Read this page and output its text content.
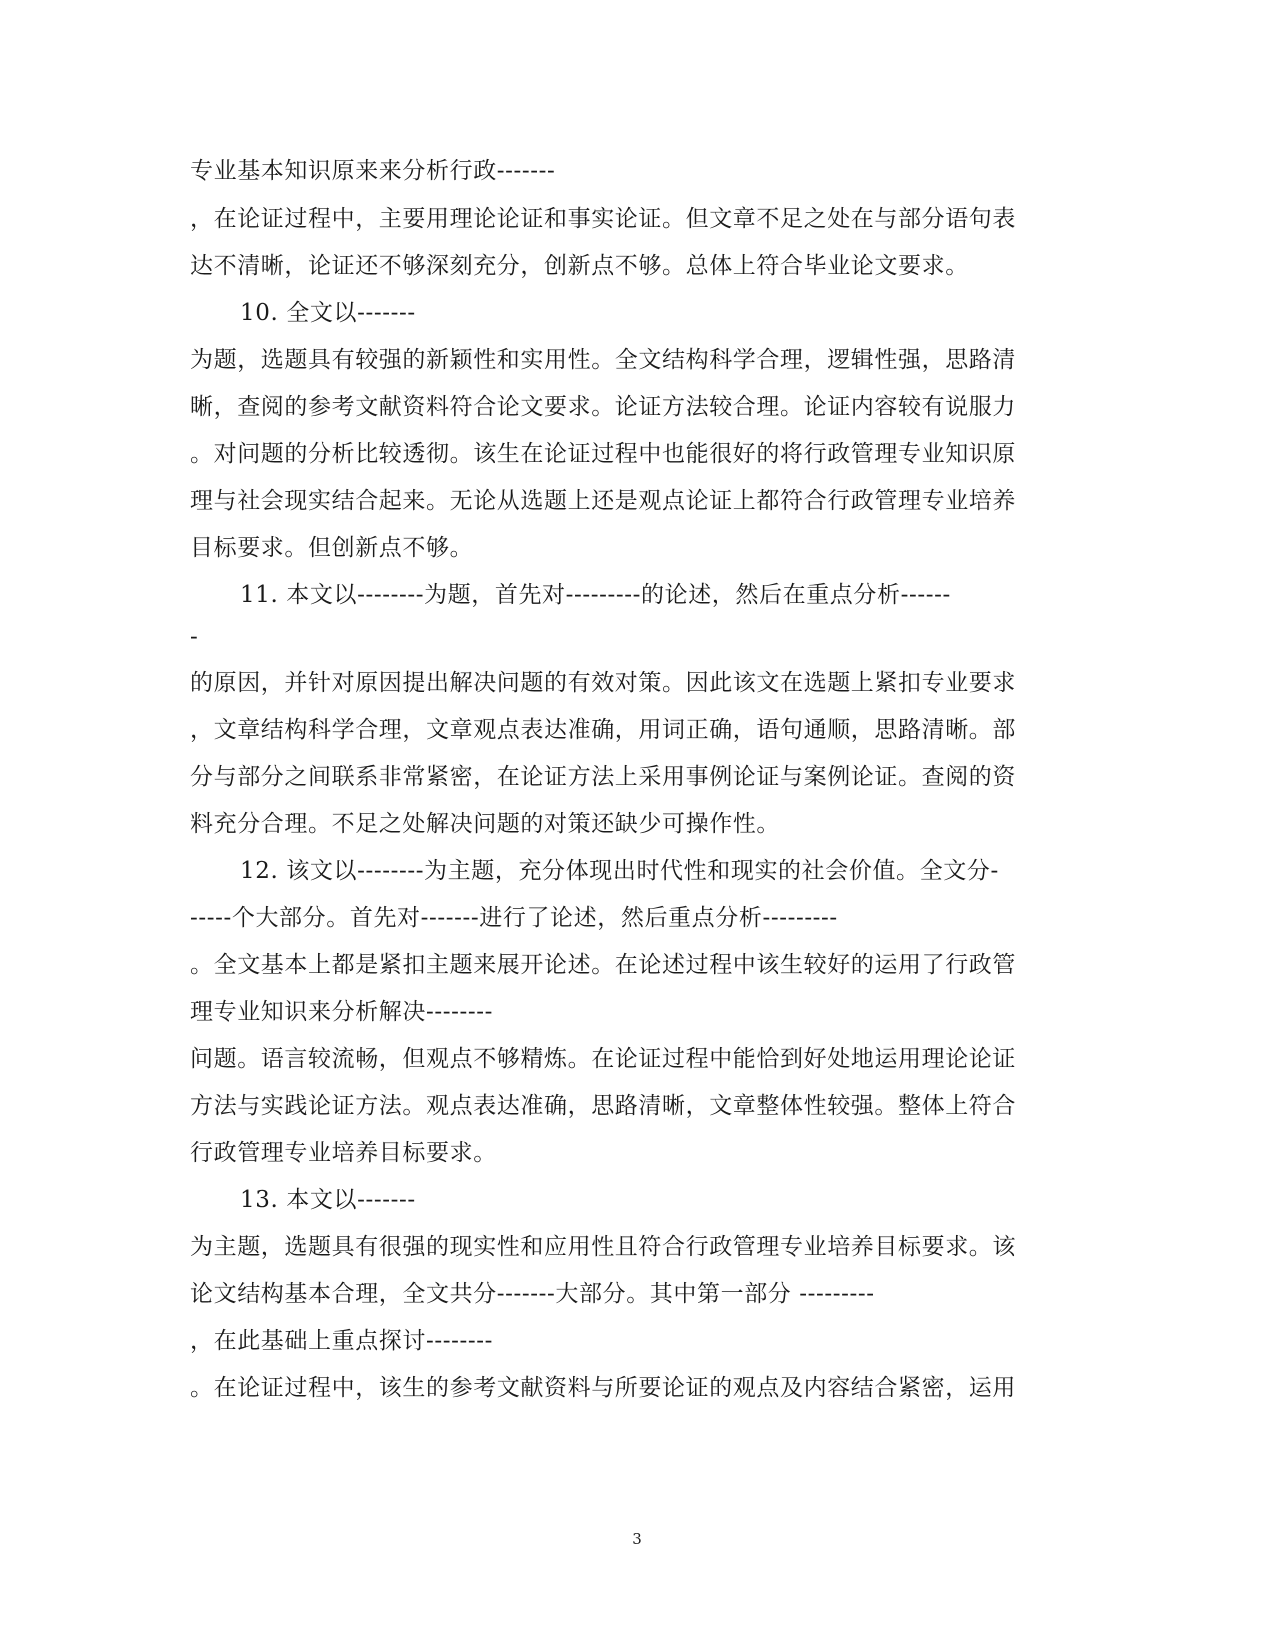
专业基本知识原来来分析行政-------
，在论证过程中，主要用理论论证和事实论证。但文章不足之处在与部分语句表
达不清晰，论证还不够深刻充分，创新点不够。总体上符合毕业论文要求。
10. 全文以-------
为题，选题具有较强的新颖性和实用性。全文结构科学合理，逻辑性强，思路清
晰，查阅的参考文献资料符合论文要求。论证方法较合理。论证内容较有说服力
。对问题的分析比较透彻。该生在论证过程中也能很好的将行政管理专业知识原
理与社会现实结合起来。无论从选题上还是观点论证上都符合行政管理专业培养
目标要求。但创新点不够。
11. 本文以--------为题，首先对---------的论述，然后在重点分析------
-
的原因，并针对原因提出解决问题的有效对策。因此该文在选题上紧扣专业要求
，文章结构科学合理，文章观点表达准确，用词正确，语句通顺，思路清晰。部
分与部分之间联系非常紧密，在论证方法上采用事例论证与案例论证。查阅的资
料充分合理。不足之处解决问题的对策还缺少可操作性。
12. 该文以--------为主题，充分体现出时代性和现实的社会价值。全文分-
-----个大部分。首先对-------进行了论述，然后重点分析---------
。全文基本上都是紧扣主题来展开论述。在论述过程中该生较好的运用了行政管
理专业知识来分析解决--------
问题。语言较流畅，但观点不够精炼。在论证过程中能恰到好处地运用理论论证
方法与实践论证方法。观点表达准确，思路清晰，文章整体性较强。整体上符合
行政管理专业培养目标要求。
13. 本文以-------
为主题，选题具有很强的现实性和应用性且符合行政管理专业培养目标要求。该
论文结构基本合理，全文共分-------大部分。其中第一部分 ---------
，在此基础上重点探讨--------
。在论证过程中，该生的参考文献资料与所要论证的观点及内容结合紧密，运用
3
